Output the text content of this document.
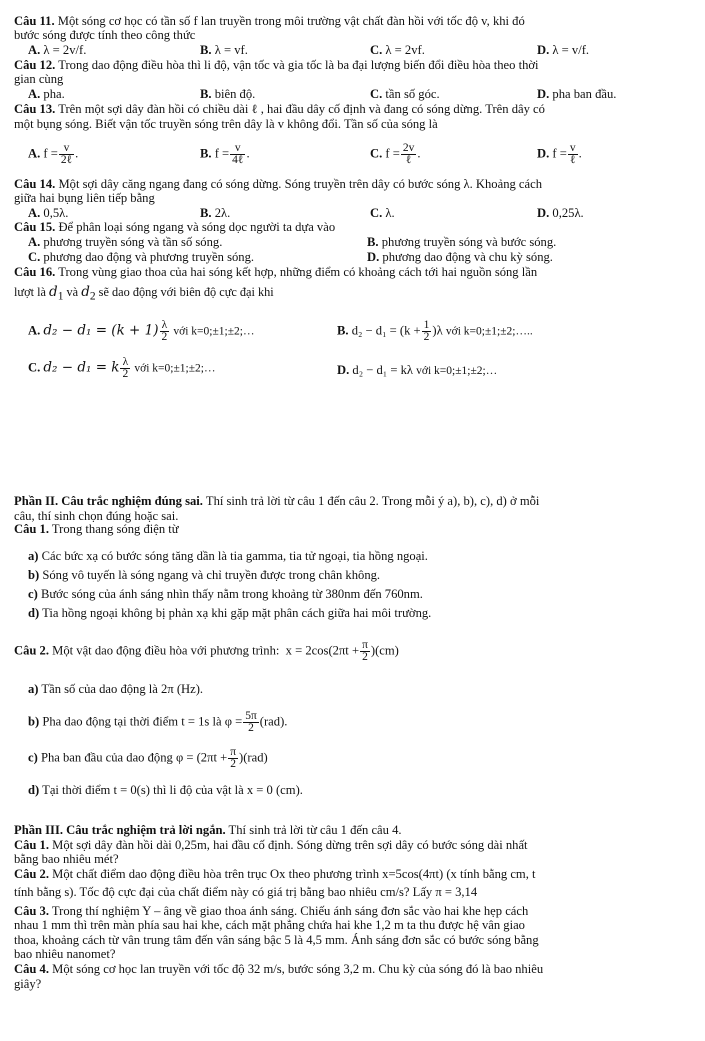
Câu 11. Một sóng cơ học có tần số f lan truyền trong môi trường vật chất đàn hồi với tốc độ v, khi đó
bước sóng được tính theo công thức
A. λ = 2v/f.	B. λ = vf.	C. λ = 2vf.	D. λ = v/f.
Câu 12. Trong dao động điều hòa thì li độ, vận tốc và gia tốc là ba đại lượng biến đổi điều hòa theo thời
gian cùng
A. pha.	B. biên độ.	C. tần số góc.	D. pha ban đầu.
Câu 13. Trên một sợi dây đàn hồi có chiều dài ℓ , hai đầu dây cố định và đang có sóng dừng. Trên dây có
một bụng sóng. Biết vận tốc truyền sóng trên dây là v không đổi. Tần số của sóng là
A. $f = \frac{v}{\text{2ℓ}}$ .	B. $f = \frac{v}{\text{4ℓ}}$ .	C. $f = \frac{2v}{\text{ℓ}}$ .	D. $f = \frac{v}{\text{ℓ}}$ .
Câu 14. Một sợi dây căng ngang đang có sóng dừng. Sóng truyền trên dây có bước sóng λ. Khoảng cách
giữa hai bụng liên tiếp bằng
A. 0,5λ.	B. 2λ.	C. λ.	D. 0,25λ.
Câu 15. Để phân loại sóng ngang và sóng dọc người ta dựa vào
A. phương truyền sóng và tần số sóng.	B. phương truyền sóng và bước sóng.
C. phương dao động và phương truyền sóng.	D. phương dao động và chu kỳ sóng.
Câu 16. Trong vùng giao thoa của hai sóng kết hợp, những điểm có khoảng cách tới hai nguồn sóng lần
lượt là $d_1$ và $d_2$ sẽ dao động với biên độ cực đại khi
A. $d_2 - d_1 = (k + 1) \frac{\lambda}{2}$ với k=0;±1;±2;…	B. $d_2 - d_1 = (k + \frac{1}{2} )\lambda$ với k=0;±1;±2;…..
C. d₂ − d₁ = k $\frac{\lambda}{2}$ với k=0;±1;±2;…	D. d₂ − d₁ = kλ với k=0;±1;±2;…
Phần II. Câu trắc nghiệm đúng sai. Thí sinh trả lời từ câu 1 đến câu 2. Trong mỗi ý a), b), c), d) ở mỗi
câu, thí sinh chọn đúng hoặc sai.
Câu 1. Trong thang sóng điện từ
a) Các bức xạ có bước sóng tăng dần là tia gamma, tia tử ngoại, tia hồng ngoại.
b) Sóng vô tuyến là sóng ngang và chỉ truyền được trong chân không.
c) Bước sóng của ánh sáng nhìn thấy nằm trong khoảng từ 380nm đến 760nm.
d) Tia hồng ngoại không bị phản xạ khi gặp mặt phân cách giữa hai môi trường.
Câu 2. Một vật dao động điều hòa với phương trình: $x = 2\cos(2\pi t + \frac{\pi}{2} )(cm)$
a) Tần số của dao động là 2π (Hz).
b) Pha dao động tại thời điểm t = 1s là $\varphi = \frac{5\pi}{2} (rad)$.
c) Pha ban đầu của dao động $\varphi = (2\pi t + \frac{\pi}{2} )(rad)$
d) Tại thời điểm t = 0(s) thì li độ của vật là x = 0 (cm).
Phần III. Câu trắc nghiệm trả lời ngắn. Thí sinh trả lời từ câu 1 đến câu 4.
Câu 1. Một sợi dây đàn hồi dài 0,25m, hai đầu cố định. Sóng dừng trên sợi dây có bước sóng dài nhất
bằng bao nhiêu mét?
Câu 2. Một chất điểm dao động điều hòa trên trục Ox theo phương trình x=5cos(4πt) (x tính bằng cm, t
tính bằng s). Tốc độ cực đại của chất điểm này có giá trị bằng bao nhiêu cm/s? Lấy π = 3,14
Câu 3. Trong thí nghiệm Y – âng về giao thoa ánh sáng. Chiếu ánh sáng đơn sắc vào hai khe hẹp cách
nhau 1 mm thì trên màn phía sau hai khe, cách mặt phẳng chứa hai khe 1,2 m ta thu được hệ vân giao
thoa, khoảng cách từ vân trung tâm đến vân sáng bậc 5 là 4,5 mm. Ánh sáng đơn sắc có bước sóng bằng
bao nhiêu nanomet?
Câu 4. Một sóng cơ học lan truyền với tốc độ 32 m/s, bước sóng 3,2 m. Chu kỳ của sóng đó là bao nhiêu
giây?
